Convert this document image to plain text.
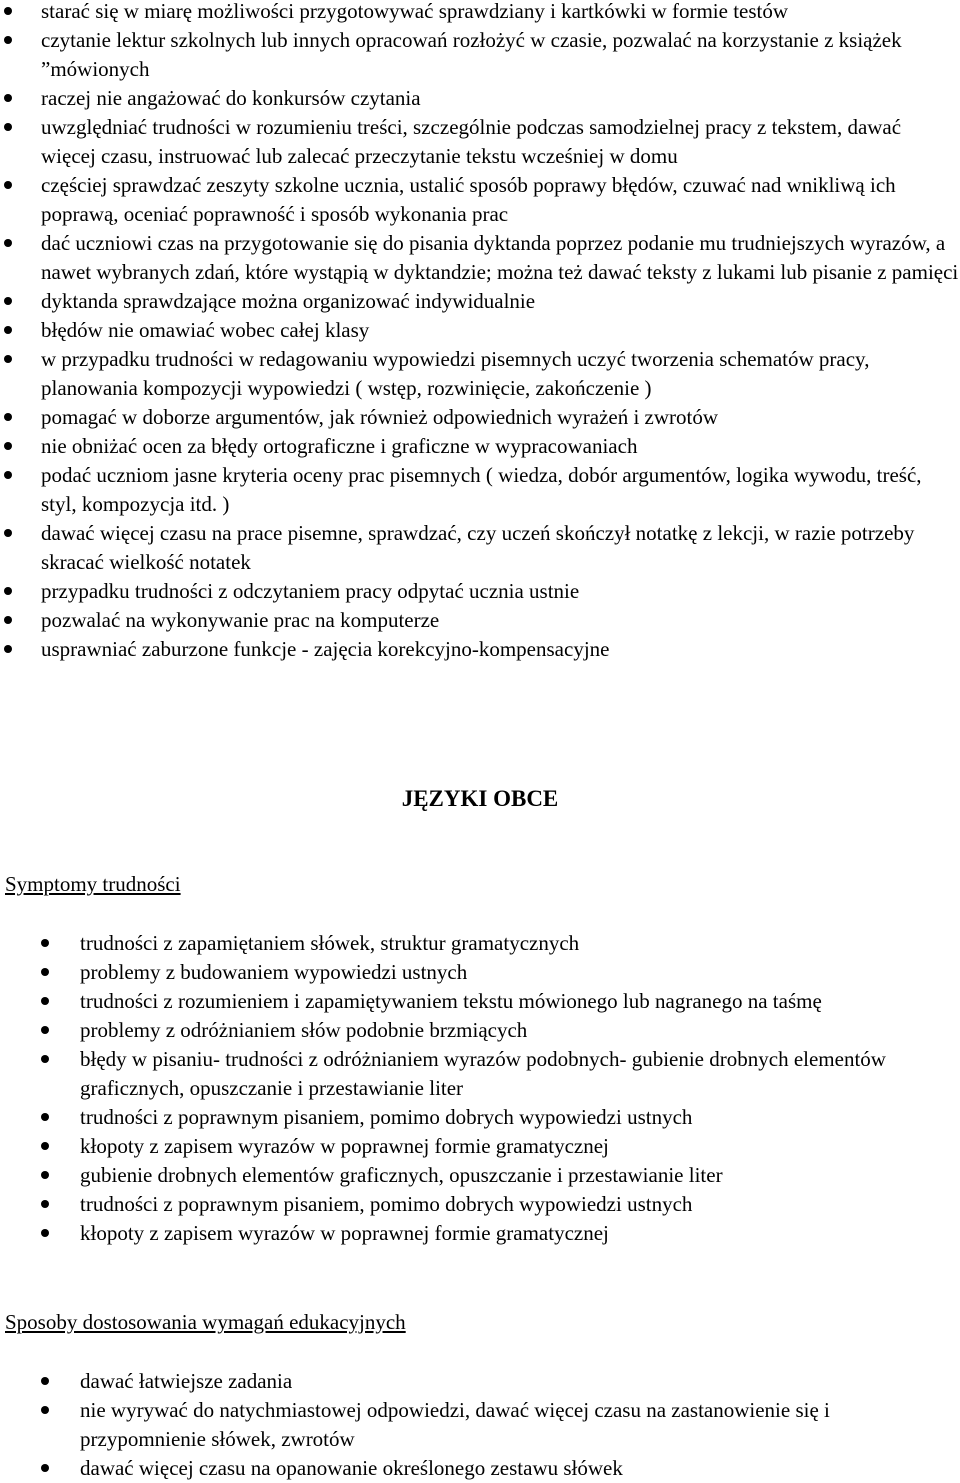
starać się w miarę możliwości przygotowywać sprawdziany i kartkówki w formie testów
czytanie lektur szkolnych lub innych opracowań rozłożyć w czasie, pozwalać na korzystanie z książek ”mówionych
raczej nie angażować do konkursów czytania
uwzględniać trudności w rozumieniu treści, szczególnie podczas samodzielnej pracy z tekstem, dawać więcej czasu, instruować lub zalecać przeczytanie tekstu wcześniej w domu
częściej sprawdzać zeszyty szkolne ucznia, ustalić sposób poprawy błędów, czuwać nad wnikliwą ich poprawą, oceniać poprawność i sposób wykonania prac
dać uczniowi czas na przygotowanie się do pisania dyktanda poprzez podanie mu trudniejszych wyrazów, a nawet wybranych zdań, które wystąpią w dyktandzie; można też dawać teksty z lukami lub pisanie z pamięci
dyktanda sprawdzające można organizować indywidualnie
błędów nie omawiać wobec całej klasy
w przypadku trudności w redagowaniu wypowiedzi pisemnych uczyć tworzenia schematów pracy, planowania kompozycji wypowiedzi ( wstęp, rozwinięcie, zakończenie )
pomagać w doborze argumentów, jak również odpowiednich wyrażeń i zwrotów
nie obniżać ocen za błędy ortograficzne i graficzne w wypracowaniach
podać uczniom jasne kryteria oceny prac pisemnych ( wiedza, dobór argumentów, logika wywodu, treść, styl, kompozycja itd. )
dawać więcej czasu na prace pisemne, sprawdzać, czy uczeń skończył notatkę z lekcji, w razie potrzeby skracać wielkość notatek
przypadku trudności z odczytaniem pracy odpytać ucznia ustnie
pozwalać na wykonywanie prac na komputerze
usprawniać zaburzone funkcje - zajęcia korekcyjno-kompensacyjne
JĘZYKI OBCE

Symptomy trudności

trudności z zapamiętaniem słówek, struktur gramatycznych
problemy z budowaniem wypowiedzi ustnych
trudności z rozumieniem i zapamiętywaniem tekstu mówionego lub nagranego na taśmę
problemy z odróżnianiem słów podobnie brzmiących
błędy w pisaniu- trudności z odróżnianiem wyrazów podobnych- gubienie drobnych elementów graficznych, opuszczanie i przestawianie liter
trudności z poprawnym pisaniem, pomimo dobrych wypowiedzi ustnych
kłopoty z zapisem wyrazów w poprawnej formie gramatycznej
gubienie drobnych elementów graficznych, opuszczanie i przestawianie liter
trudności z poprawnym pisaniem, pomimo dobrych wypowiedzi ustnych
kłopoty z zapisem wyrazów w poprawnej formie gramatycznej

Sposoby dostosowania wymagań edukacyjnych

dawać łatwiejsze zadania
nie wyrywać do natychmiastowej odpowiedzi, dawać więcej czasu na zastanowienie się i przypomnienie słówek, zwrotów
dawać więcej czasu na opanowanie określonego zestawu słówek
